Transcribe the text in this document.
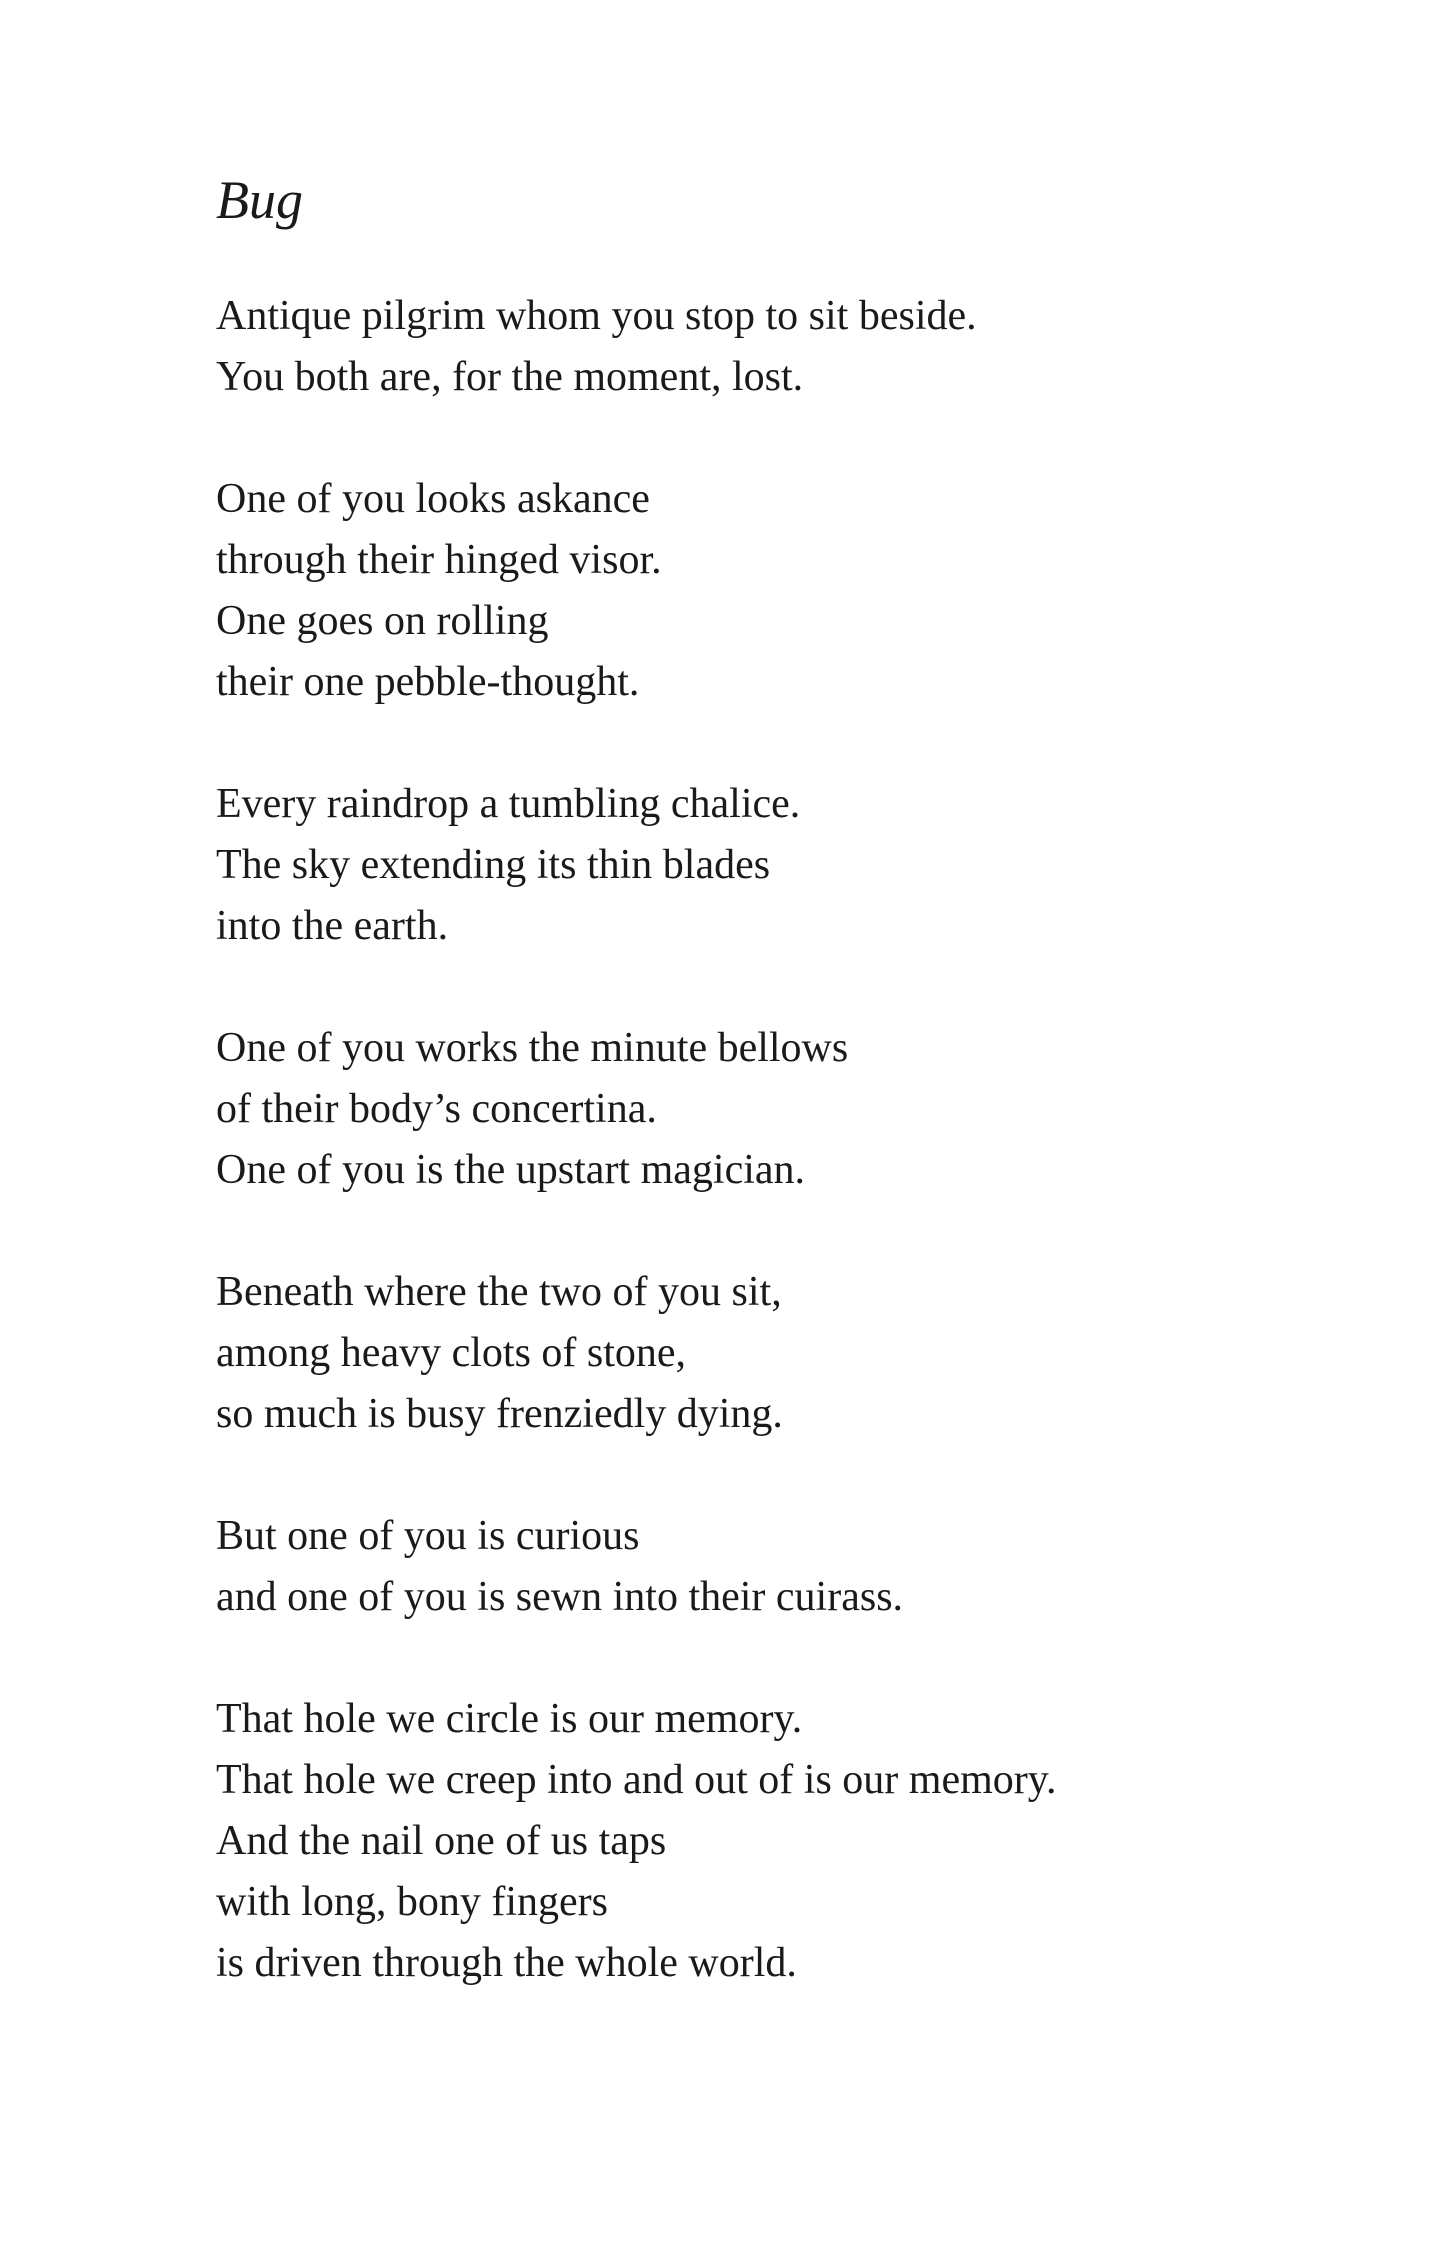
Bug
Antique pilgrim whom you stop to sit beside.
You both are, for the moment, lost.
One of you looks askance
through their hinged visor.
One goes on rolling
their one pebble-thought.
Every raindrop a tumbling chalice.
The sky extending its thin blades
into the earth.
One of you works the minute bellows
of their body’s concertina.
One of you is the upstart magician.
Beneath where the two of you sit,
among heavy clots of stone,
so much is busy frenziedly dying.
But one of you is curious
and one of you is sewn into their cuirass.
That hole we circle is our memory.
That hole we creep into and out of is our memory.
And the nail one of us taps
with long, bony fingers
is driven through the whole world.
